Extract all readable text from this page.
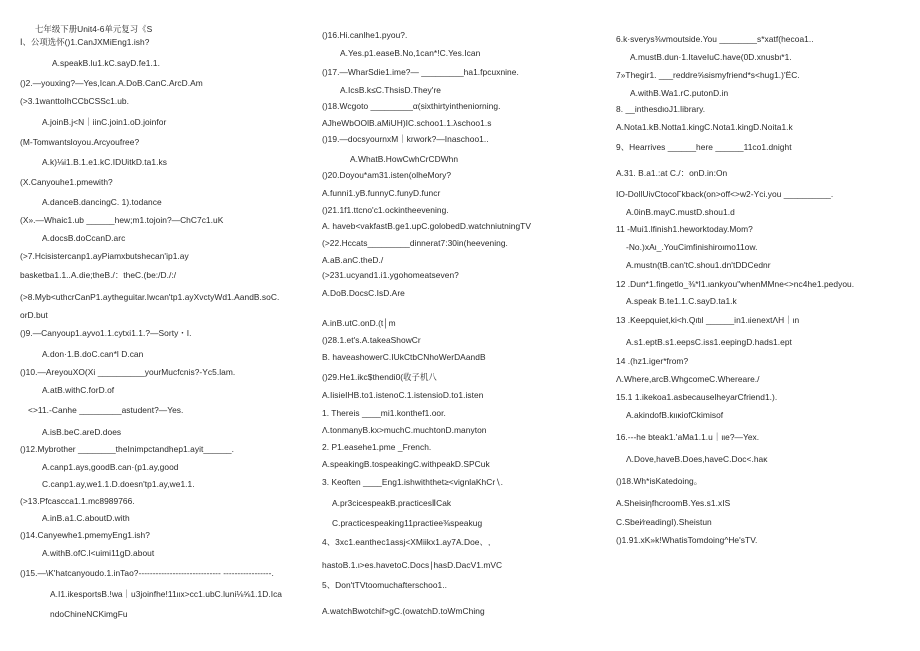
七年级下册Unit4-6单元复习《S
Ⅰ、公项选怀()1.CanJXMiEng1.ish?
A.speakB.lu1.kC.sayD.fe1.1.
()2.—youxing?—Yes,Ican.A.DoB.CanC.ArcD.Am
(>3.1wanttoIhCCbCSSc1.ub.
A.joinB.j<N｜iinC.join1.oD.joinfor
(M-Tomwantsloyou.Arcyoufree?
A.k)⅛i1.B.1.e1.kC.IDUitkD.ta1.ks
(X.Canyouhe1.pmewith?
A.danceB.dancingC. 1).todance
(X».—Whaic1.ub ______hew;m1.tojoin?—ChC7c1.uK
A.docsB.doCcanD.arc
(>7.Hcisistercanp1.ayPiamxbutshecan'ip1.ay
basketba1.1..A.die;theB./：theC.(be:/D./:/
(>8.Myb<uthcrCanP1.aytheguitar.Iwcan'tp1.ayXvctyWd1.AandB.soC.
orD.but
()9.—Canyoup1.ayvo1.1.cytxi1.1.?—Sorty・I.
A.don·1.B.doC.can*l D.can
()10.—AreyouXO(Xi __________yourMucfcnis?-Yc5.lam.
A.atB.withC.forD.of
<>11.-Canhe _________astudent?—Yes.
A.isB.beC.areD.does
()12.Mybrother ________theInimpctandhep1.ayit______.
A.canp1.ays,goodB.can·(p1.ay,good
C.canp1.ay,we1.1.D.doesn'tp1.ay,we1.1.
(>13.Pfcascca1.1.mc8989766.
A.inB.a1.C.aboutD.with
()14.Canyewhe1.pmemyEng1.ish?
A.withB.ofC.l<uimi11gD.about
()15.—\K'hatcanyoudo.1.inTao?----------------------------- -----------------.
A.I1.ikesportsB.!wa｜u3joinfhe!11ιιx>cc1.ubC.luni⅛⅝1.1D.Ica
ndoChineNCKimgFu
()16.Hi.canlhe1.pyou?.
A.Yes.p1.easeB.No,1can*!C.Yes.Ican
()17.—WharSdie1.ime?— _________ha1.fpcuxnine.
A.IcsB.k≤C.ThsisD.They're
()18.Wcgoto _________α(sixthirtyintheniorning.
AJheWbOOlB.aMiUH)IC.schoo1.1.λschoo1.s
()19.—docsyournxM｜krwork?—Inaschoo1..
A.WhatB.HowCwhCrCDWhn
()20.Doyou*am31.isten(olheMory?
A.funni1.yB.funnyC.funyD.funcr
()21.1f1.ttcno'c1.ockintheevening.
A. haveb<vakfastB.ge1.upC.golobedD.watchniutningTV
(>22.Hccats_________dinnerat7:30in(heevening.
A.aB.anC.theD./
(>231.ucyand1.i1.ygohomeatseven?
A.DoB.DocsC.IsD.Are
A.inB.utC.onD.(t│m
()28.1.et's.A.takeaShowCr
B. haveashowerC.IUkCtbCNhoWerDAandB
()29.He1.ikc$thendi0(收子机八
A.IisieIHB.to1.istenoC.1.istensioD.to1.isten
1. Thereis ____mi1.konthef1.oor.
Λ.tonmanyB.kx>muchC.muchtonD.manyton
2. P1.easehe1.pme _French.
A.speakingB.tospeakingC.withpeakD.SPCuk
3. Keoften ____Eng1.ishwiththet≥<vignlaKhCr∖.
A.pr3cicespeakB.practicesⅡCak
C.practicespeaking11practiee⅜speakug
4、3xc1.eanthec1assj<XMiikx1.ay7A.Doe、,
hastoB.1.ι>es.havetoC.Docs∣hasD.DacV1.mVC
5、Don'tTVtoomuchafterschoo1..
A.watchBwotchif>gC.(owatchD.toWmChing
6.k·sverys⅜vmoutside.You ________s*xatf(hecoa1..
A.mustB.dun·1.ItaveIuC.have(0D.xnusbι*1.
7»Thegir1. ___reddre⅝sismyfriend*s<hug1.)'ЁC.
A.withB.Wa1.rC.putonD.in
8. __inthesdιoJ1.library.
A.Nota1.kB.Notta1.kingC.Nota1.kingD.Noita1.k
9、Hearrives ______here ______11co1.dnight
A.31. B.a1.:at C./：onD.in:On
IO-DollUivCtocoΓkback(on>off<>w2-Yci.you __________.
A.0inB.mayC.mustD.shou1.d
11 -Mui1.lfinish1.heworktoday.Mom?
-No.)xAι_.YouCimfinishiroιmo11ow.
A.mustn(tB.can'tC.shou1.dn'tDDCednr
12 .Dun*1.fingetlo_⅜*I1.ιankyou"whenMMne<>nc4he1.pedyou.
A.speak B.te1.1.C.sayD.ta1.k
13 .Keepquiet,ki<h.Qιtιl ______in1.ιienextΛH｜ιn
A.s1.eptB.s1.eepsC.iss1.eepingD.hads1.ept
14 .(hz1.iger*from?
Λ.Where,arcB.WhgcomeC.Whereare./
15.1 1.ikekoa1.asbecauselheyarCfriend1.).
A.akindofB.kιικiofCkimisof
16.---he bteak1.'aMa1.1.u｜ιιe?—Yex.
Λ.Dove,haveB.Does,haveC.Doc<.haκ
()18.Wh*isKatedoing。
A.SheisiηfhcroomB.Yes.s1.xIS
C.Sbei⁄readingI).Sheistun
()1.91.xK»k!WhatisTomdoing^He'sTV.
